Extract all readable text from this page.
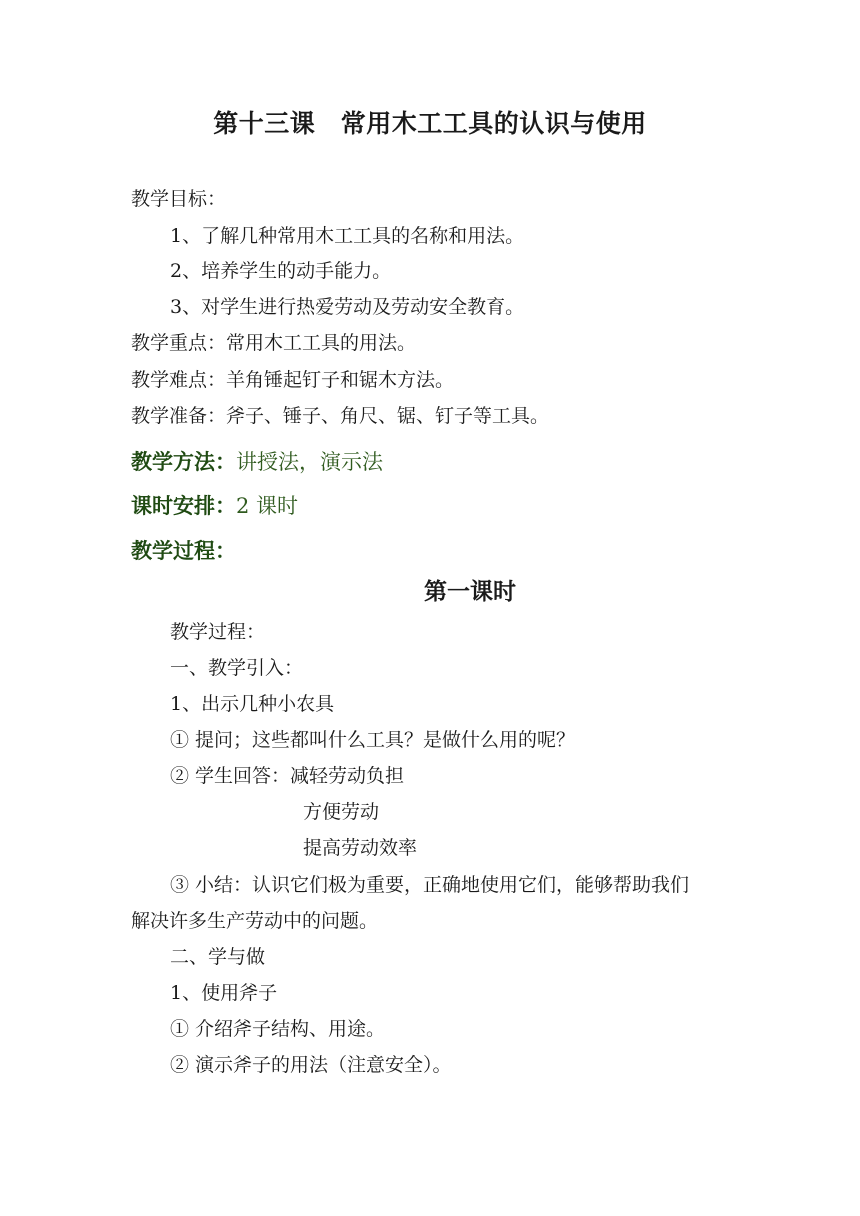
第十三课　常用木工工具的认识与使用
教学目标：
1、了解几种常用木工工具的名称和用法。
2、培养学生的动手能力。
3、对学生进行热爱劳动及劳动安全教育。
教学重点：常用木工工具的用法。
教学难点：羊角锤起钉子和锯木方法。
教学准备：斧子、锤子、角尺、锯、钉子等工具。
教学方法：讲授法，演示法
课时安排：2 课时
教学过程：
第一课时
教学过程：
一、教学引入：
1、出示几种小农具
① 提问；这些都叫什么工具？是做什么用的呢？
② 学生回答：减轻劳动负担
方便劳动
提高劳动效率
③ 小结：认识它们极为重要，正确地使用它们，能够帮助我们
解决许多生产劳动中的问题。
二、学与做
1、使用斧子
① 介绍斧子结构、用途。
② 演示斧子的用法（注意安全）。
